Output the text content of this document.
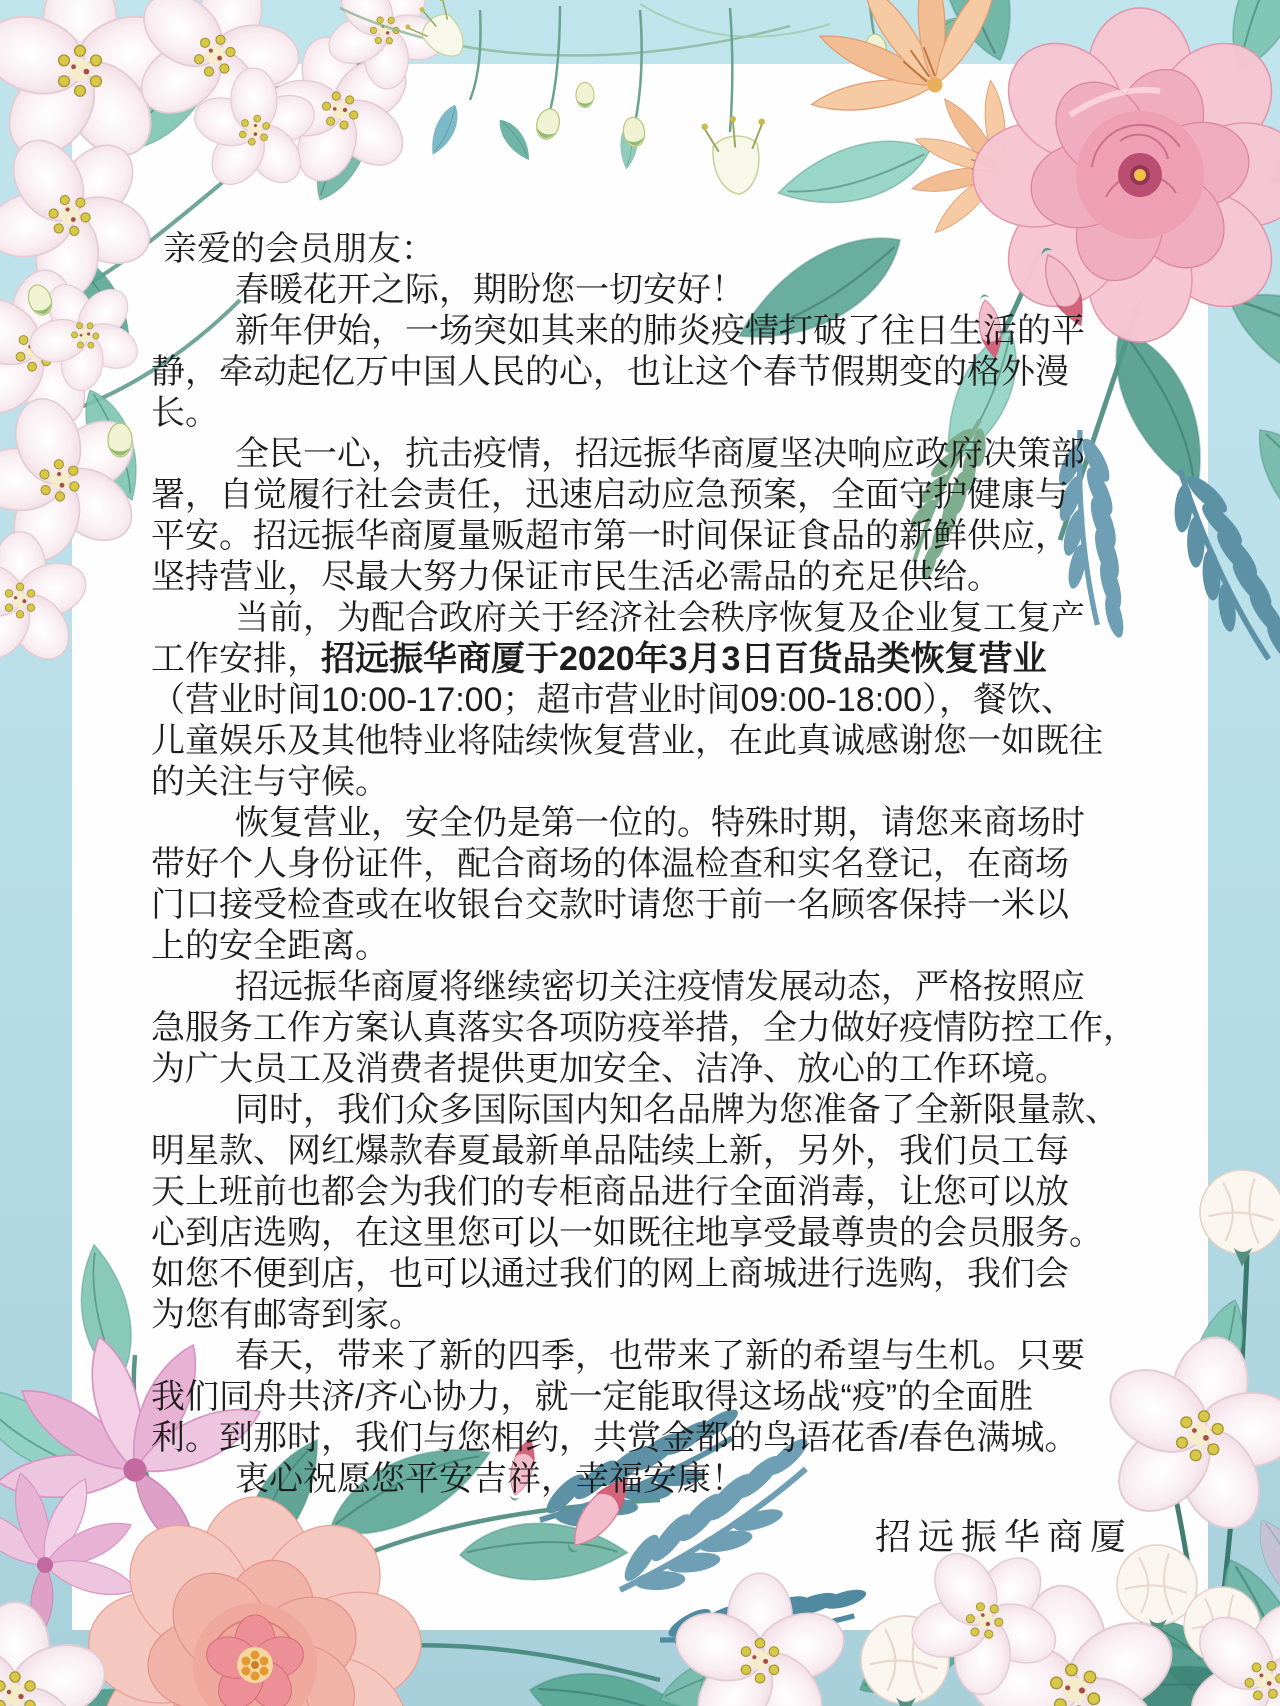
亲爱的会员朋友：
春暖花开之际，期盼您一切安好！
新年伊始，一场突如其来的肺炎疫情打破了往日生活的平
静，牵动起亿万中国人民的心，也让这个春节假期变的格外漫
长。
全民一心，抗击疫情，招远振华商厦坚决响应政府决策部
署，自觉履行社会责任，迅速启动应急预案，全面守护健康与
平安。招远振华商厦量贩超市第一时间保证食品的新鲜供应，
坚持营业，尽最大努力保证市民生活必需品的充足供给。
当前，为配合政府关于经济社会秩序恢复及企业复工复产
工作安排，招远振华商厦于2020年3月3日百货品类恢复营业
（营业时间10:00-17:00；超市营业时间09:00-18:00），餐饮、
儿童娱乐及其他特业将陆续恢复营业，在此真诚感谢您一如既往
的关注与守候。
恢复营业，安全仍是第一位的。特殊时期，请您来商场时
带好个人身份证件，配合商场的体温检查和实名登记，在商场
门口接受检查或在收银台交款时请您于前一名顾客保持一米以
上的安全距离。
招远振华商厦将继续密切关注疫情发展动态，严格按照应
急服务工作方案认真落实各项防疫举措，全力做好疫情防控工作，
为广大员工及消费者提供更加安全、洁净、放心的工作环境。
同时，我们众多国际国内知名品牌为您准备了全新限量款、
明星款、网红爆款春夏最新单品陆续上新，另外，我们员工每
天上班前也都会为我们的专柜商品进行全面消毒，让您可以放
心到店选购，在这里您可以一如既往地享受最尊贵的会员服务。
如您不便到店，也可以通过我们的网上商城进行选购，我们会
为您有邮寄到家。
春天，带来了新的四季，也带来了新的希望与生机。只要
我们同舟共济/齐心协力，就一定能取得这场战“疫”的全面胜
利。到那时，我们与您相约，共赏金都的鸟语花香/春色满城。
衷心祝愿您平安吉祥，幸福安康！
招远振华商厦
